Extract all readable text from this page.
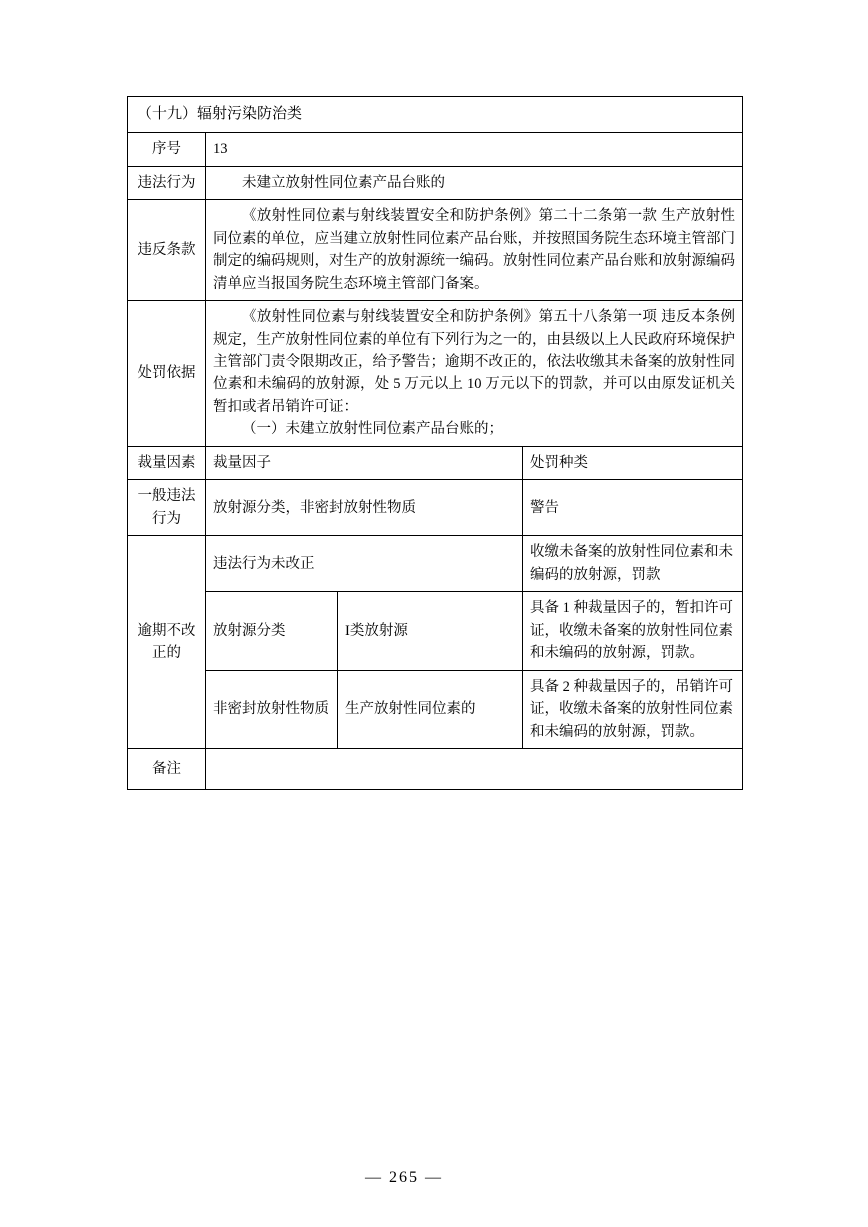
（十九）辐射污染防治类			
序号	13		
违法行为	未建立放射性同位素产品台账的		
违反条款	《放射性同位素与射线装置安全和防护条例》第二十二条第一款 生产放射性同位素的单位，应当建立放射性同位素产品台账，并按照国务院生态环境主管部门制定的编码规则，对生产的放射源统一编码。放射性同位素产品台账和放射源编码清单应当报国务院生态环境主管部门备案。		
处罚依据	《放射性同位素与射线装置安全和防护条例》第五十八条第一项 违反本条例规定，生产放射性同位素的单位有下列行为之一的，由县级以上人民政府环境保护主管部门责令限期改正，给予警告；逾期不改正的，依法收缴其未备案的放射性同位素和未编码的放射源，处 5 万元以上 10 万元以下的罚款，并可以由原发证机关暂扣或者吊销许可证：
（一）未建立放射性同位素产品台账的；		

裁量因素	裁量因子		处罚种类
一般违法行为	放射源分类，非密封放射性物质		警告
逾期不改正的	违法行为未改正		收缴未备案的放射性同位素和未编码的放射源，罚款
	放射源分类	I类放射源	具备 1 种裁量因子的，暂扣许可证，收缴未备案的放射性同位素和未编码的放射源，罚款。
	非密封放射性物质	生产放射性同位素的	具备 2 种裁量因子的，吊销许可证，收缴未备案的放射性同位素和未编码的放射源，罚款。
备注			
— 265 —
